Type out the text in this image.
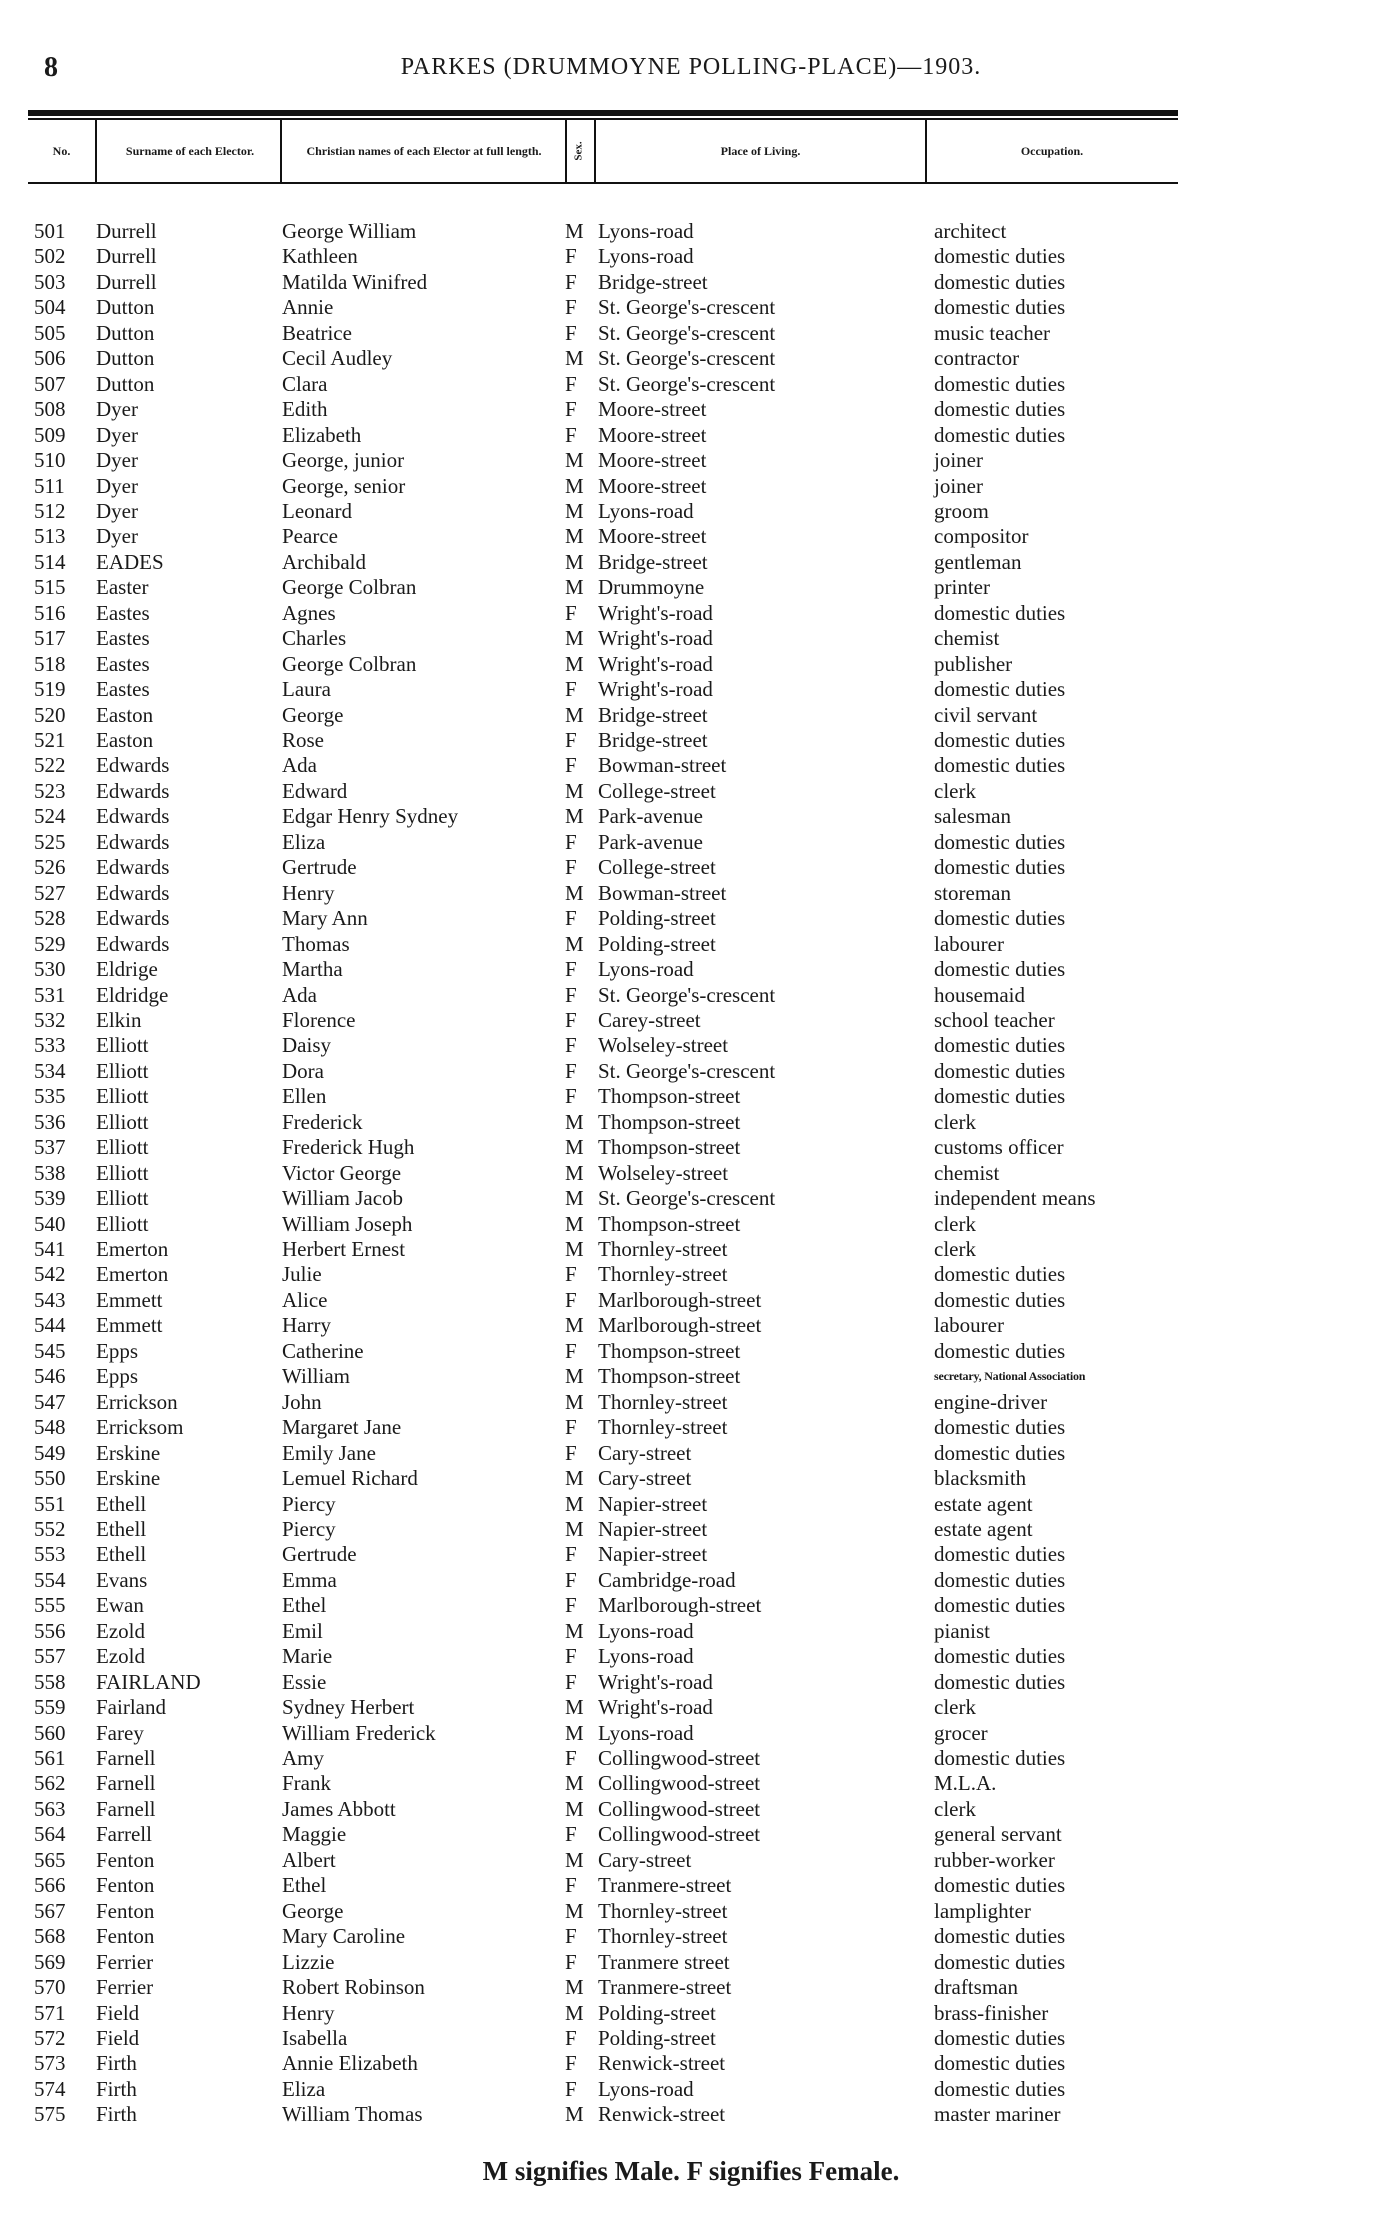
8	PARKES (DRUMMOYNE POLLING-PLACE)—1903.
No.	Surname of each Elector.	Christian names of each Elector at full length.	Sex.	Place of Living.	Occupation.
501 Durrell	George William	M Lyons-road	architect
502 Durrell	Kathleen	F Lyons-road	domestic duties
503 Durrell	Matilda Winifred	F Bridge-street	domestic duties
504 Dutton	Annie	F St. George's-crescent	domestic duties
505 Dutton	Beatrice	F St. George's-crescent	music teacher
506 Dutton	Cecil Audley	M St. George's-crescent	contractor
507 Dutton	Clara	F St. George's-crescent	domestic duties
508 Dyer	Edith	F Moore-street	domestic duties
509 Dyer	Elizabeth	F Moore-street	domestic duties
510 Dyer	George, junior	M Moore-street	joiner
511 Dyer	George, senior	M Moore-street	joiner
512 Dyer	Leonard	M Lyons-road	groom
513 Dyer	Pearce	M Moore-street	compositor
514 EADES	Archibald	M Bridge-street	gentleman
515 Easter	George Colbran	M Drummoyne	printer
516 Eastes	Agnes	F Wright's-road	domestic duties
517 Eastes	Charles	M Wright's-road	chemist
518 Eastes	George Colbran	M Wright's-road	publisher
519 Eastes	Laura	F Wright's-road	domestic duties
520 Easton	George	M Bridge-street	civil servant
521 Easton	Rose	F Bridge-street	domestic duties
522 Edwards	Ada	F Bowman-street	domestic duties
523 Edwards	Edward	M College-street	clerk
524 Edwards	Edgar Henry Sydney	M Park-avenue	salesman
525 Edwards	Eliza	F Park-avenue	domestic duties
526 Edwards	Gertrude	F College-street	domestic duties
527 Edwards	Henry	M Bowman-street	storeman
528 Edwards	Mary Ann	F Polding-street	domestic duties
529 Edwards	Thomas	M Polding-street	labourer
530 Eldrige	Martha	F Lyons-road	domestic duties
531 Eldridge	Ada	F St. George's-crescent	housemaid
532 Elkin	Florence	F Carey-street	school teacher
533 Elliott	Daisy	F Wolseley-street	domestic duties
534 Elliott	Dora	F St. George's-crescent	domestic duties
535 Elliott	Ellen	F Thompson-street	domestic duties
536 Elliott	Frederick	M Thompson-street	clerk
537 Elliott	Frederick Hugh	M Thompson-street	customs officer
538 Elliott	Victor George	M Wolseley-street	chemist
539 Elliott	William Jacob	M St. George's-crescent	independent means
540 Elliott	William Joseph	M Thompson-street	clerk
541 Emerton	Herbert Ernest	M Thornley-street	clerk
542 Emerton	Julie	F Thornley-street	domestic duties
543 Emmett	Alice	F Marlborough-street	domestic duties
544 Emmett	Harry	M Marlborough-street	labourer
545 Epps	Catherine	F Thompson-street	domestic duties
546 Epps	William	M Thompson-street	secretary, National Association
547 Errickson	John	M Thornley-street	engine-driver
548 Erricksom	Margaret Jane	F Thornley-street	domestic duties
549 Erskine	Emily Jane	F Cary-street	domestic duties
550 Erskine	Lemuel Richard	M Cary-street	blacksmith
551 Ethell	Piercy	M Napier-street	estate agent
552 Ethell	Piercy	M Napier-street	estate agent
553 Ethell	Gertrude	F Napier-street	domestic duties
554 Evans	Emma	F Cambridge-road	domestic duties
555 Ewan	Ethel	F Marlborough-street	domestic duties
556 Ezold	Emil	M Lyons-road	pianist
557 Ezold	Marie	F Lyons-road	domestic duties
558 FAIRLAND	Essie	F Wright's-road	domestic duties
559 Fairland	Sydney Herbert	M Wright's-road	clerk
560 Farey	William Frederick	M Lyons-road	grocer
561 Farnell	Amy	F Collingwood-street	domestic duties
562 Farnell	Frank	M Collingwood-street	M.L.A.
563 Farnell	James Abbott	M Collingwood-street	clerk
564 Farrell	Maggie	F Collingwood-street	general servant
565 Fenton	Albert	M Cary-street	rubber-worker
566 Fenton	Ethel	F Tranmere-street	domestic duties
567 Fenton	George	M Thornley-street	lamplighter
568 Fenton	Mary Caroline	F Thornley-street	domestic duties
569 Ferrier	Lizzie	F Tranmere street	domestic duties
570 Ferrier	Robert Robinson	M Tranmere-street	draftsman
571 Field	Henry	M Polding-street	brass-finisher
572 Field	Isabella	F Polding-street	domestic duties
573 Firth	Annie Elizabeth	F Renwick-street	domestic duties
574 Firth	Eliza	F Lyons-road	domestic duties
575 Firth	William Thomas	M Renwick-street	master mariner
M signifies Male. F signifies Female.
